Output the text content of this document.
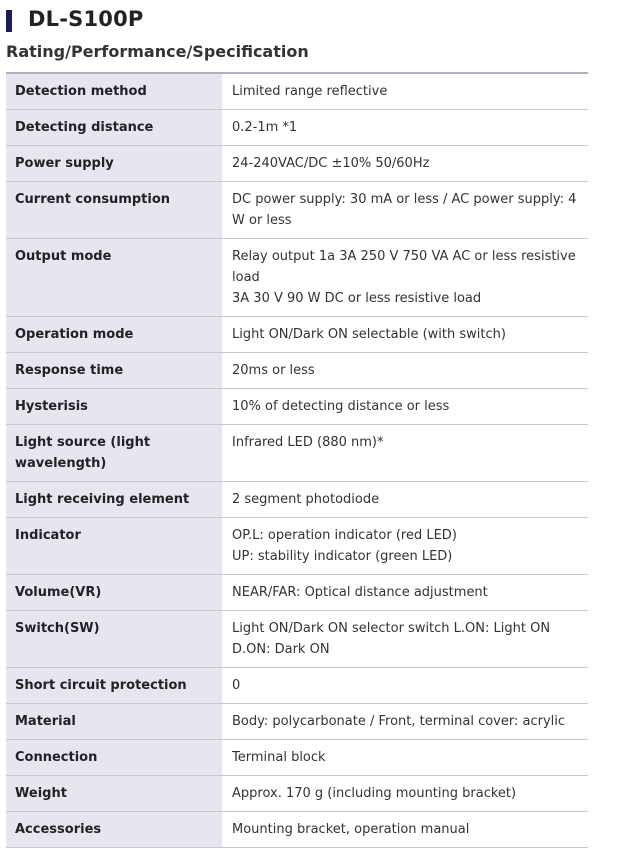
DL-S100P
Rating/Performance/Specification
Detection method	Limited range reflective
Detecting distance	0.2-1m *1
Power supply	24-240VAC/DC ±10% 50/60Hz
Current consumption	DC power supply: 30 mA or less / AC power supply: 4 W or less
Output mode	Relay output 1a 3A 250 V 750 VA AC or less resistive load
3A 30 V 90 W DC or less resistive load

Operation mode	Light ON/Dark ON selectable (with switch)
Response time	20ms or less
Hysterisis	10% of detecting distance or less
Light source (light wavelength)	Infrared LED (880 nm)*
Light receiving element	2 segment photodiode
Indicator	OP.L: operation indicator (red LED)
UP: stability indicator (green LED)

Volume(VR)	NEAR/FAR: Optical distance adjustment
Switch(SW)	Light ON/Dark ON selector switch L.ON: Light ON
D.ON: Dark ON

Short circuit protection	0
Material	Body: polycarbonate / Front, terminal cover: acrylic
Connection	Terminal block
Weight	Approx. 170 g (including mounting bracket)
Accessories	Mounting bracket, operation manual
